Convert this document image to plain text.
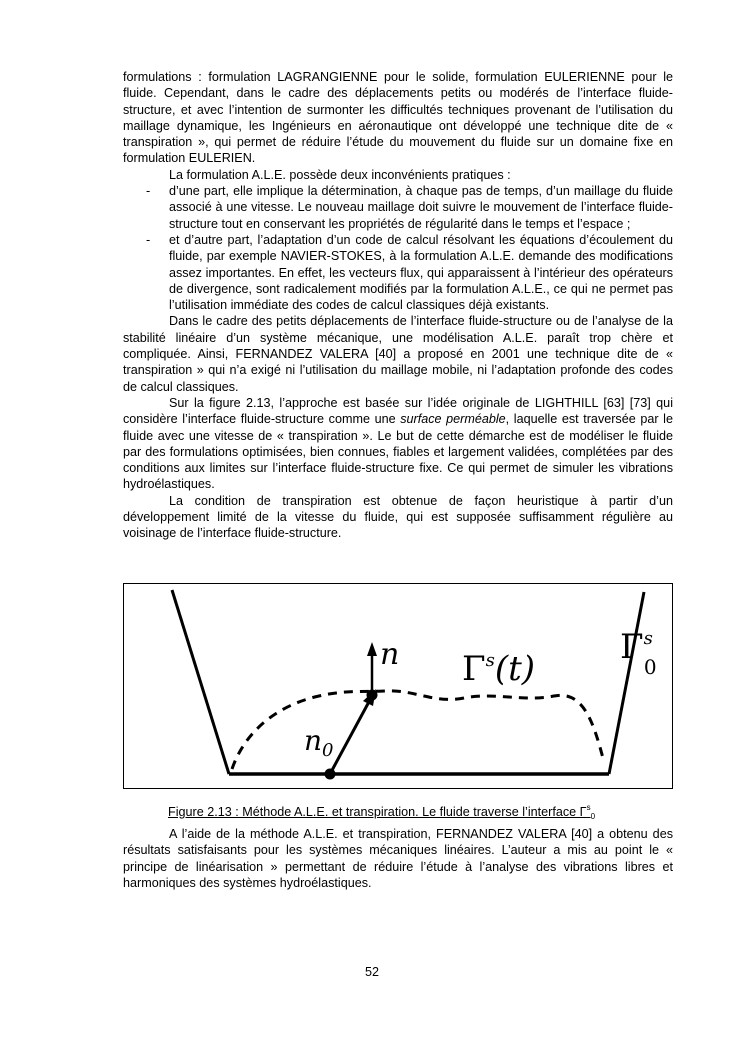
formulations : formulation LAGRANGIENNE pour le solide, formulation EULERIENNE pour le fluide. Cependant, dans le cadre des déplacements petits ou modérés de l’interface fluide-structure, et avec l’intention de surmonter les difficultés techniques provenant de l’utilisation du maillage dynamique, les Ingénieurs en aéronautique ont développé une technique dite de « transpiration », qui permet de réduire l’étude du mouvement du fluide sur un domaine fixe en formulation EULERIEN.

La formulation A.L.E. possède deux inconvénients pratiques :

- d’une part, elle implique la détermination, à chaque pas de temps, d’un maillage du fluide associé à une vitesse. Le nouveau maillage doit suivre le mouvement de l’interface fluide-structure tout en conservant les propriétés de régularité dans le temps et l’espace ;
- et d’autre part, l’adaptation d’un code de calcul résolvant les équations d’écoulement du fluide, par exemple NAVIER-STOKES, à la formulation A.L.E. demande des modifications assez importantes. En effet, les vecteurs flux, qui apparaissent à l’intérieur des opérateurs de divergence, sont radicalement modifiés par la formulation A.L.E., ce qui ne permet pas l’utilisation immédiate des codes de calcul classiques déjà existants.

Dans le cadre des petits déplacements de l’interface fluide-structure ou de l’analyse de la stabilité linéaire d’un système mécanique, une modélisation A.L.E. paraît trop chère et compliquée. Ainsi, FERNANDEZ VALERA [40] a proposé en 2001 une technique dite de « transpiration » qui n’a exigé ni l’utilisation du maillage mobile, ni l’adaptation profonde des codes de calcul classiques.

Sur la figure 2.13, l’approche est basée sur l’idée originale de LIGHTHILL [63] [73] qui considère l’interface fluide-structure comme une surface perméable, laquelle est traversée par le fluide avec une vitesse de « transpiration ». Le but de cette démarche est de modéliser le fluide par des formulations optimisées, bien connues, fiables et largement validées, complétées par des conditions aux limites sur l’interface fluide-structure fixe. Ce qui permet de simuler les vibrations hydroélastiques.

La condition de transpiration est obtenue de façon heuristique à partir d’un développement limité de la vitesse du fluide, qui est supposée suffisamment régulière au voisinage de l’interface fluide-structure.

n
$n_0$
$\Gamma^s(t)$
$\Gamma^s$ 0
Figure 2.13 : Méthode A.L.E. et transpiration. Le fluide traverse l’interface $\Gamma^s_0$

A l’aide de la méthode A.L.E. et transpiration, FERNANDEZ VALERA [40] a obtenu des résultats satisfaisants pour les systèmes mécaniques linéaires. L’auteur a mis au point le « principe de linéarisation » permettant de réduire l’étude à l’analyse des vibrations libres et harmoniques des systèmes hydroélastiques.

52
